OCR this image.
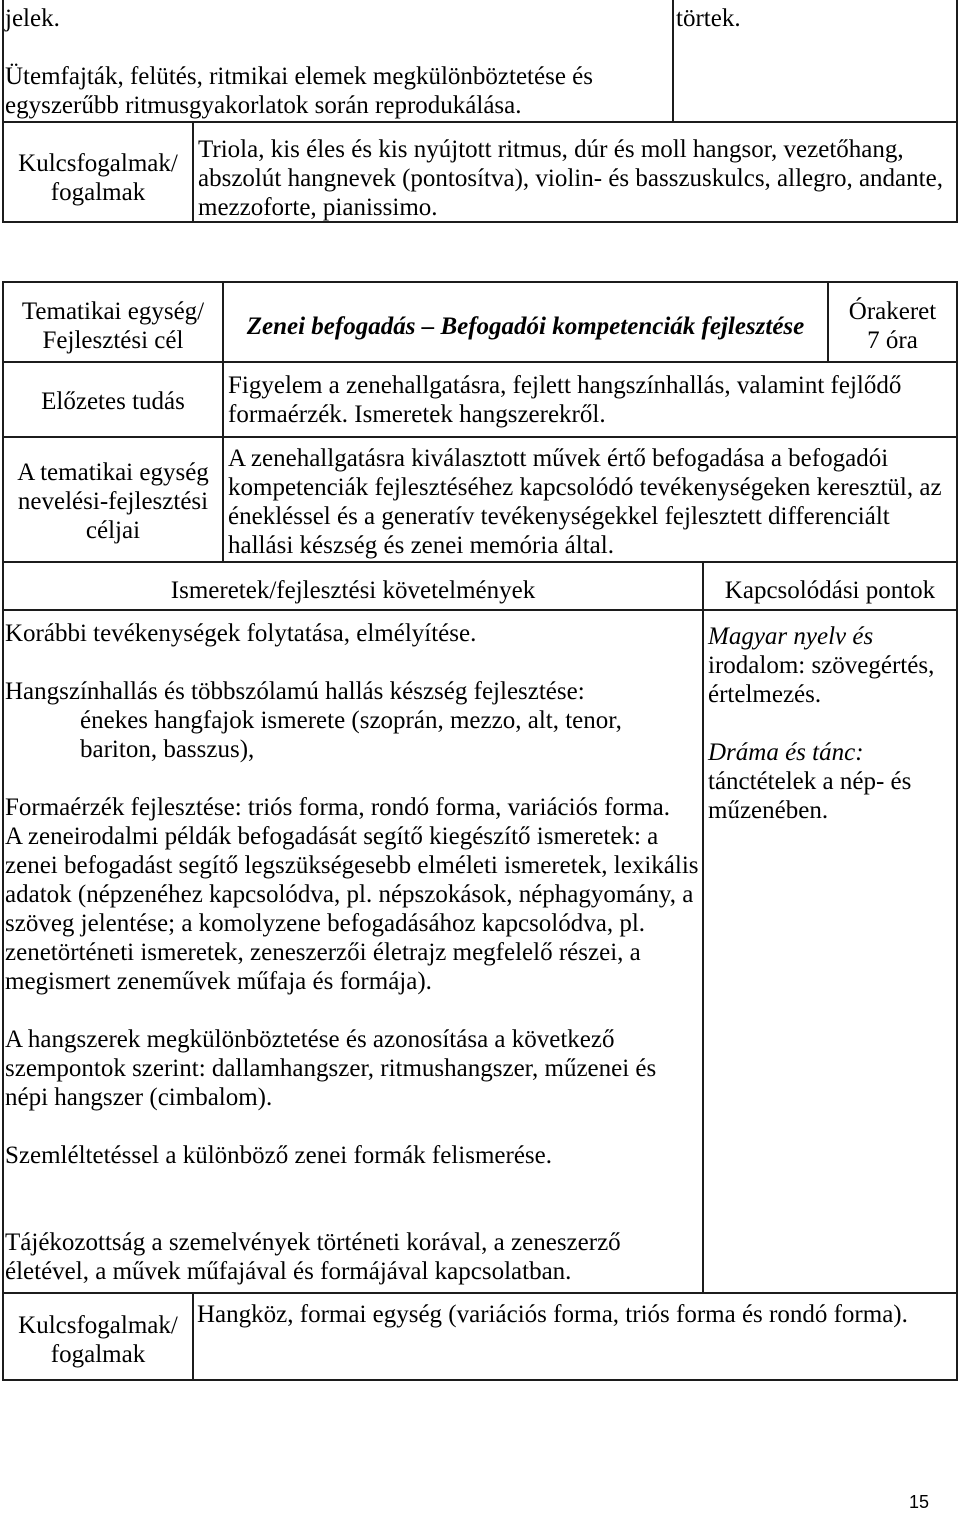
jelek.
Ütemfajták, felütés, ritmikai elemek megkülönböztetése és
egyszerűbb ritmusgyakorlatok során reprodukálása.
törtek.
Kulcsfogalmak/
fogalmak
Triola, kis éles és kis nyújtott ritmus, dúr és moll hangsor, vezetőhang,
abszolút hangnevek (pontosítva), violin- és basszuskulcs, allegro, andante,
mezzoforte, pianissimo.
Tematikai egység/
Fejlesztési cél
Zenei befogadás – Befogadói kompetenciák fejlesztése
Órakeret
7 óra
Előzetes tudás
Figyelem a zenehallgatásra, fejlett hangszínhallás, valamint fejlődő
formaérzék. Ismeretek hangszerekről.
A tematikai egység
nevelési-fejlesztési
céljai
A zenehallgatásra kiválasztott művek értő befogadása a befogadói
kompetenciák fejlesztéséhez kapcsolódó tevékenységeken keresztül, az
énekléssel és a generatív tevékenységekkel fejlesztett differenciált
hallási készség és zenei memória által.
Ismeretek/fejlesztési követelmények	Kapcsolódási pontok
Korábbi tevékenységek folytatása, elmélyítése.
Hangszínhallás és többszólamú hallás készség fejlesztése:
énekes hangfajok ismerete (szoprán, mezzo, alt, tenor,
bariton, basszus),
Formaérzék fejlesztése: triós forma, rondó forma, variációs forma.
A zeneirodalmi példák befogadását segítő kiegészítő ismeretek: a
zenei befogadást segítő legszükségesebb elméleti ismeretek, lexikális
adatok (népzenéhez kapcsolódva, pl. népszokások, néphagyomány, a
szöveg jelentése; a komolyzene befogadásához kapcsolódva, pl.
zenetörténeti ismeretek, zeneszerzői életrajz megfelelő részei, a
megismert zeneművek műfaja és formája).
A hangszerek megkülönböztetése és azonosítása a következő
szempontok szerint: dallamhangszer, ritmushangszer, műzenei és
népi hangszer (cimbalom).
Szemléltetéssel a különböző zenei formák felismerése.
Tájékozottság a szemelvények történeti korával, a zeneszerző
életével, a művek műfajával és formájával kapcsolatban.
Magyar nyelv és
irodalom: szövegértés,
értelmezés.
Dráma és tánc:
tánctételek a nép- és
műzenében.
Kulcsfogalmak/
fogalmak
Hangköz, formai egység (variációs forma, triós forma és rondó forma).
15
